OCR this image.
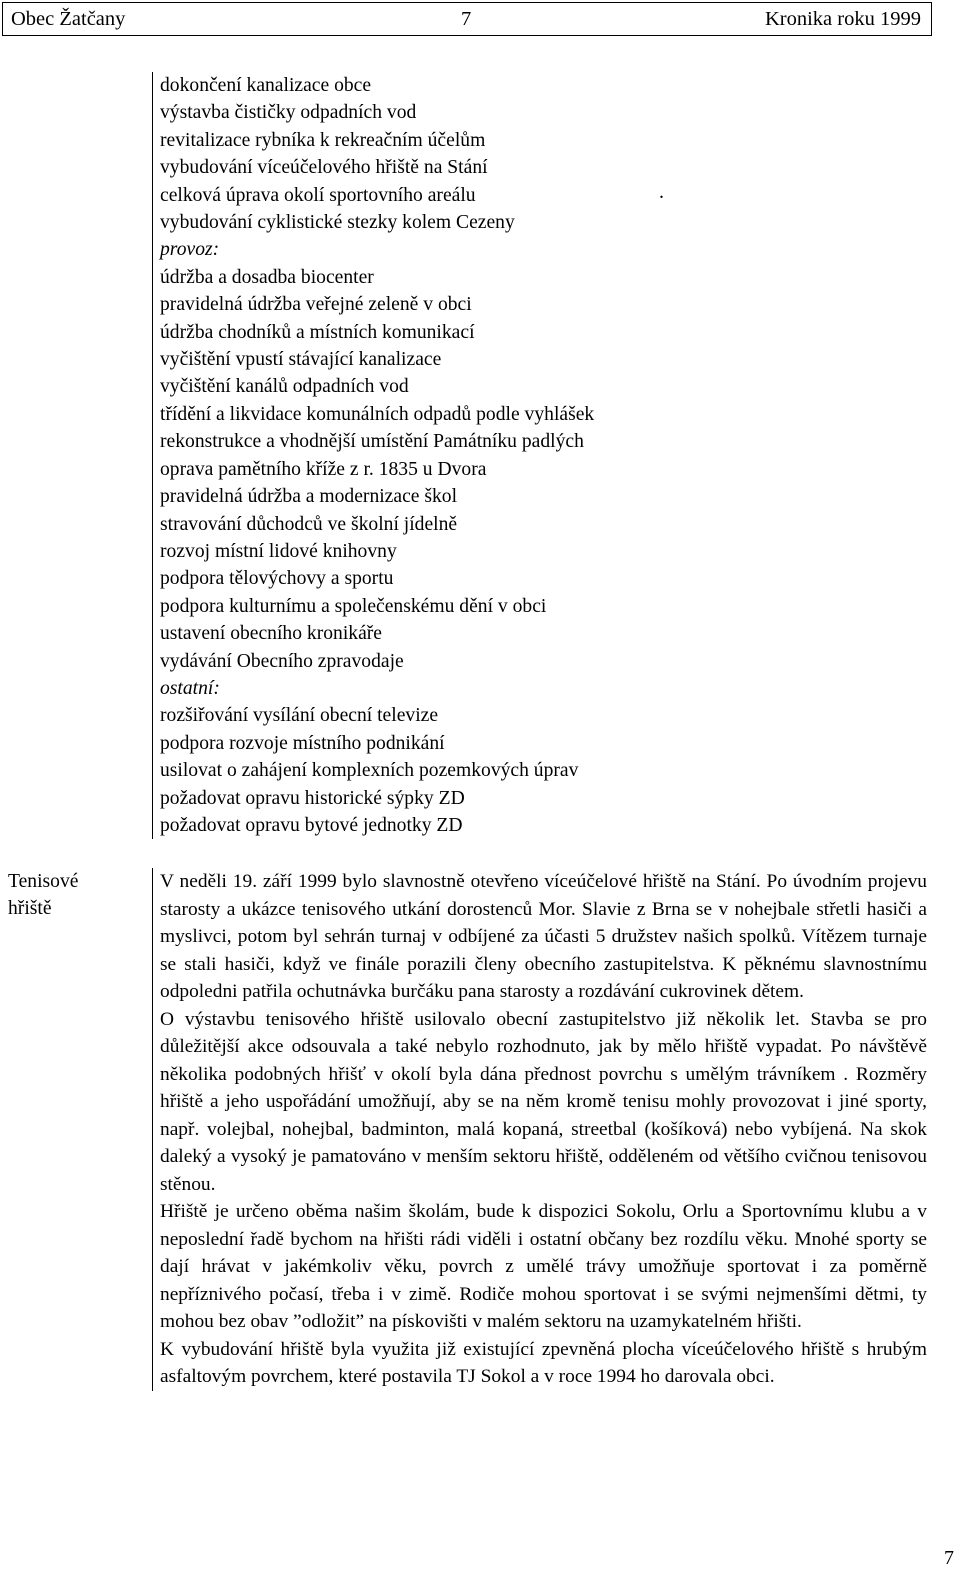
Obec Žatčany	7	Kronika roku 1999
dokončení kanalizace obce
výstavba čističky odpadních vod
revitalizace rybníka k rekreačním účelům
vybudování víceúčelového hřiště na Stání
celková úprava okolí sportovního areálu
vybudování cyklistické stezky kolem Cezeny
provoz:
údržba a dosadba biocenter
pravidelná údržba veřejné zeleně v obci
údržba chodníků a místních komunikací
vyčištění vpustí stávající kanalizace
vyčištění kanálů odpadních vod
třídění a likvidace komunálních odpadů podle vyhlášek
rekonstrukce a vhodnější umístění Památníku padlých
oprava pamětního kříže z r. 1835 u Dvora
pravidelná údržba a modernizace škol
stravování důchodců ve školní jídelně
rozvoj místní lidové knihovny
podpora tělovýchovy a sportu
podpora kulturnímu a společenskému dění v obci
ustavení obecního kronikáře
vydávání Obecního zpravodaje
ostatní:
rozšiřování vysílání obecní televize
podpora rozvoje místního podnikání
usilovat o zahájení komplexních pozemkových úprav
požadovat opravu historické sýpky ZD
požadovat opravu bytové jednotky ZD
.
Tenisové
hřiště

V neděli 19. září 1999 bylo slavnostně otevřeno víceúčelové hřiště na Stání. Po úvodním projevu starosty a ukázce tenisového utkání dorostenců Mor. Slavie z Brna se v nohejbale střetli hasiči a myslivci, potom byl sehrán turnaj v odbíjené za účasti 5 družstev našich spolků. Vítězem turnaje se stali hasiči, když ve finále porazili členy obecního zastupitelstva. K pěknému slavnostnímu odpoledni patřila ochutnávka burčáku pana starosty a rozdávání cukrovinek dětem.

O výstavbu tenisového hřiště usilovalo obecní zastupitelstvo již několik let. Stavba se pro důležitější akce odsouvala a také nebylo rozhodnuto, jak by mělo hřiště vypadat. Po návštěvě několika podobných hřišť v okolí byla dána přednost povrchu s umělým trávníkem . Rozměry hřiště a jeho uspořádání umožňují, aby se na něm kromě tenisu mohly provozovat i jiné sporty, např. volejbal, nohejbal, badminton, malá kopaná, streetbal (košíková) nebo vybíjená. Na skok daleký a vysoký je pamatováno v menším sektoru hřiště, odděleném od většího cvičnou tenisovou stěnou.

Hřiště je určeno oběma našim školám, bude k dispozici Sokolu, Orlu a Sportovnímu klubu a v neposlední řadě bychom na hřišti rádi viděli i ostatní občany bez rozdílu věku. Mnohé sporty se dají hrávat v jakémkoliv věku, povrch z umělé trávy umožňuje sportovat i za poměrně nepříznivého počasí, třeba i v zimě. Rodiče mohou sportovat i se svými nejmenšími dětmi, ty mohou bez obav ”odložit” na pískovišti v malém sektoru na uzamykatelném hřišti.

K vybudování hřiště byla využita již existující zpevněná plocha víceúčelového hřiště s hrubým asfaltovým povrchem, které postavila TJ Sokol a v roce 1994 ho darovala obci.

7
